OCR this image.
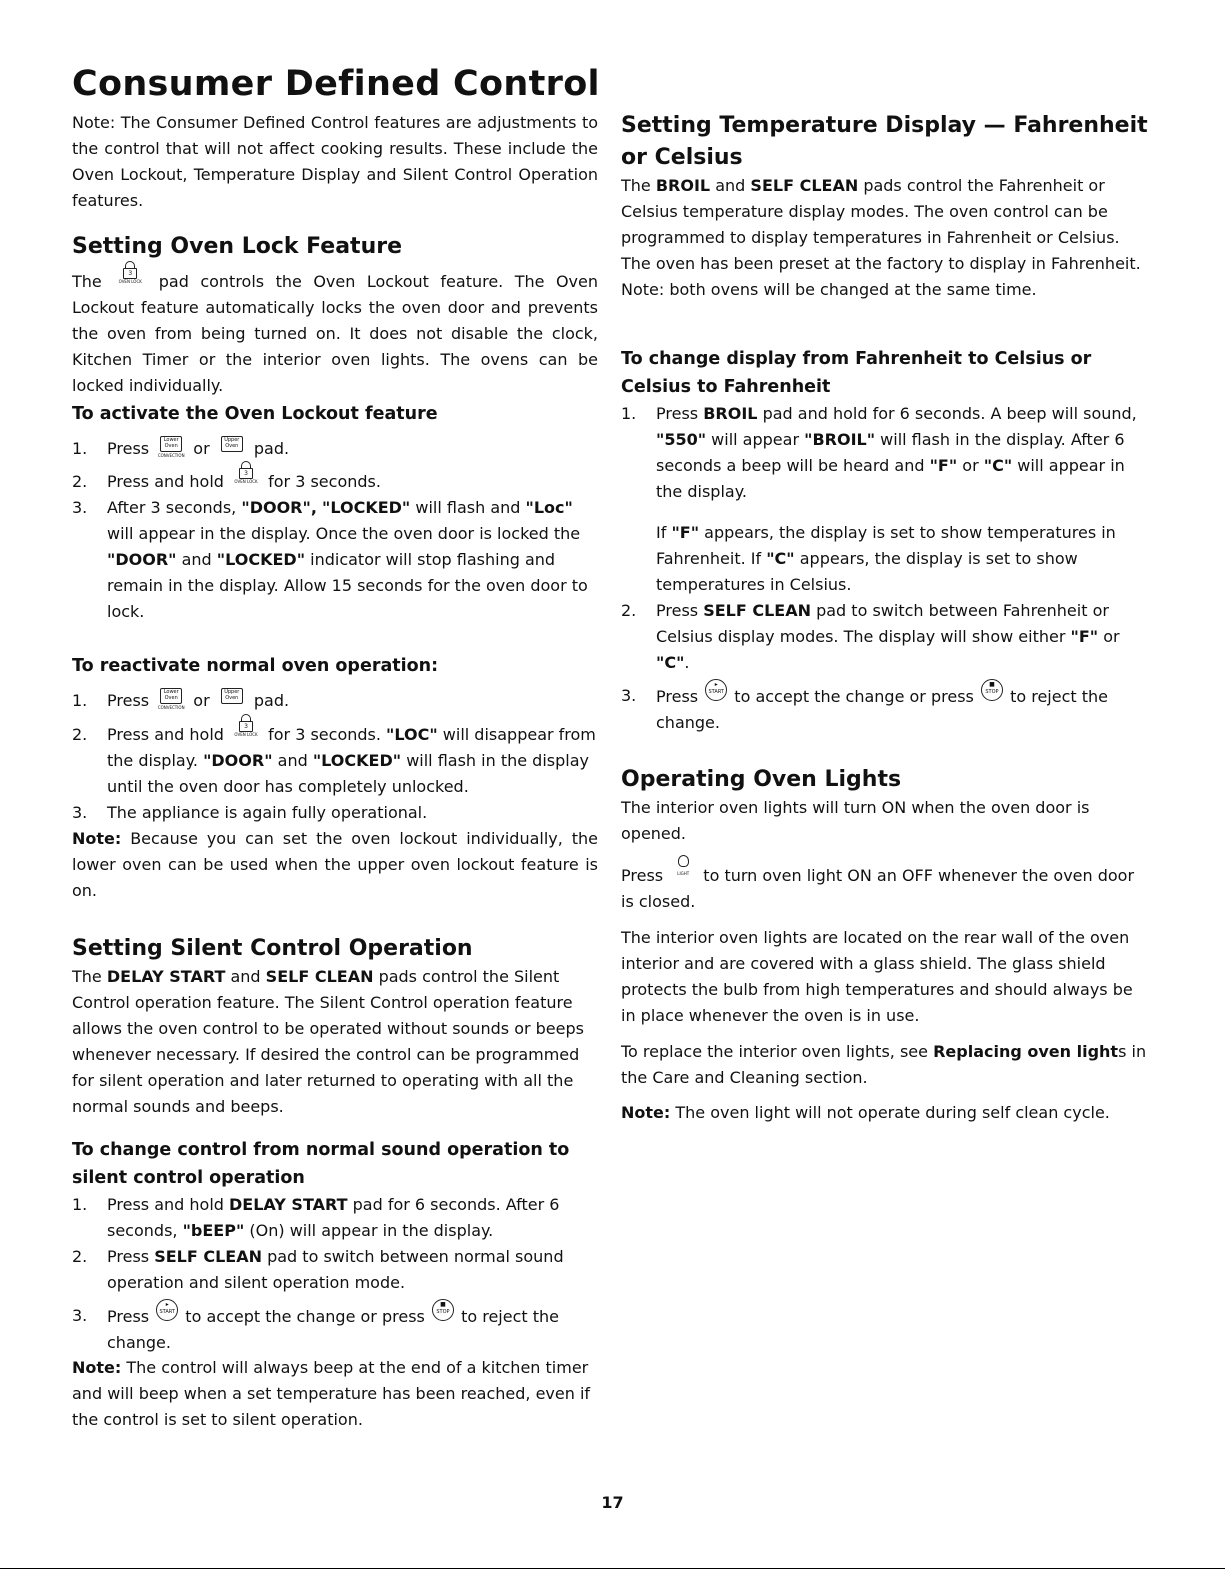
Consumer Defined Control

Note: The Consumer Defined Control features are adjustments to the control that will not affect cooking results. These include the Oven Lockout, Temperature Display and Silent Control Operation features.

Setting Oven Lock Feature

The	3
OVEN LOCK pad controls the Oven Lockout feature. The Oven Lockout feature automatically locks the oven door and prevents the oven from being turned on. It does not disable the clock, Kitchen Timer or the interior oven lights. The ovens can be locked individually.

To activate the Oven Lockout feature
1. Press	Lower
Oven
CONVECTION or	Upper
Oven pad.
2. Press and hold	3
OVEN LOCK for 3 seconds.
3. After 3 seconds, "DOOR", "LOCKED" will flash and "Loc" will appear in the display. Once the oven door is locked the "DOOR" and "LOCKED" indicator will stop flashing and remain in the display. Allow 15 seconds for the oven door to lock.
To reactivate normal oven operation:
1. Press	Lower
Oven
CONVECTION or	Upper
Oven pad.
2. Press and hold	3
OVEN LOCK for 3 seconds. "LOC" will disappear from the display. "DOOR" and "LOCKED" will flash in the display until the oven door has completely unlocked.
3. The appliance is again fully operational.

Note: Because you can set the oven lockout individually, the lower oven can be used when the upper oven lockout feature is on.

Setting Silent Control Operation

The DELAY START and SELF CLEAN pads control the Silent Control operation feature. The Silent Control operation feature allows the oven control to be operated without sounds or beeps whenever necessary. If desired the control can be programmed for silent operation and later returned to operating with all the normal sounds and beeps.

To change control from normal sound operation to silent control operation
1. Press and hold DELAY START pad for 6 seconds. After 6 seconds, "bEEP" (On) will appear in the display.
2. Press SELF CLEAN pad to switch between normal sound operation and silent operation mode.
3. Press
▸
START to accept the change or press
■
STOP to reject the change.

Note: The control will always beep at the end of a kitchen timer and will beep when a set temperature has been reached, even if the control is set to silent operation.

Setting Temperature Display — Fahrenheit or Celsius

The BROIL and SELF CLEAN pads control the Fahrenheit or Celsius temperature display modes. The oven control can be programmed to display temperatures in Fahrenheit or Celsius. The oven has been preset at the factory to display in Fahrenheit. Note: both ovens will be changed at the same time.

To change display from Fahrenheit to Celsius or Celsius to Fahrenheit
1. Press BROIL pad and hold for 6 seconds. A beep will sound, "550" will appear "BROIL" will flash in the display. After 6 seconds a beep will be heard and "F" or "C" will appear in the display.
If "F" appears, the display is set to show temperatures in Fahrenheit. If "C" appears, the display is set to show temperatures in Celsius.
2. Press SELF CLEAN pad to switch between Fahrenheit or Celsius display modes. The display will show either "F" or "C".
3. Press
▸
START to accept the change or press
■
STOP to reject the change.
Operating Oven Lights

The interior oven lights will turn ON when the oven door is opened.

Press	LIGHT to turn oven light ON an OFF whenever the oven door is closed.

The interior oven lights are located on the rear wall of the oven interior and are covered with a glass shield. The glass shield protects the bulb from high temperatures and should always be in place whenever the oven is in use.

To replace the interior oven lights, see Replacing oven lights in the Care and Cleaning section.

Note: The oven light will not operate during self clean cycle.

17
